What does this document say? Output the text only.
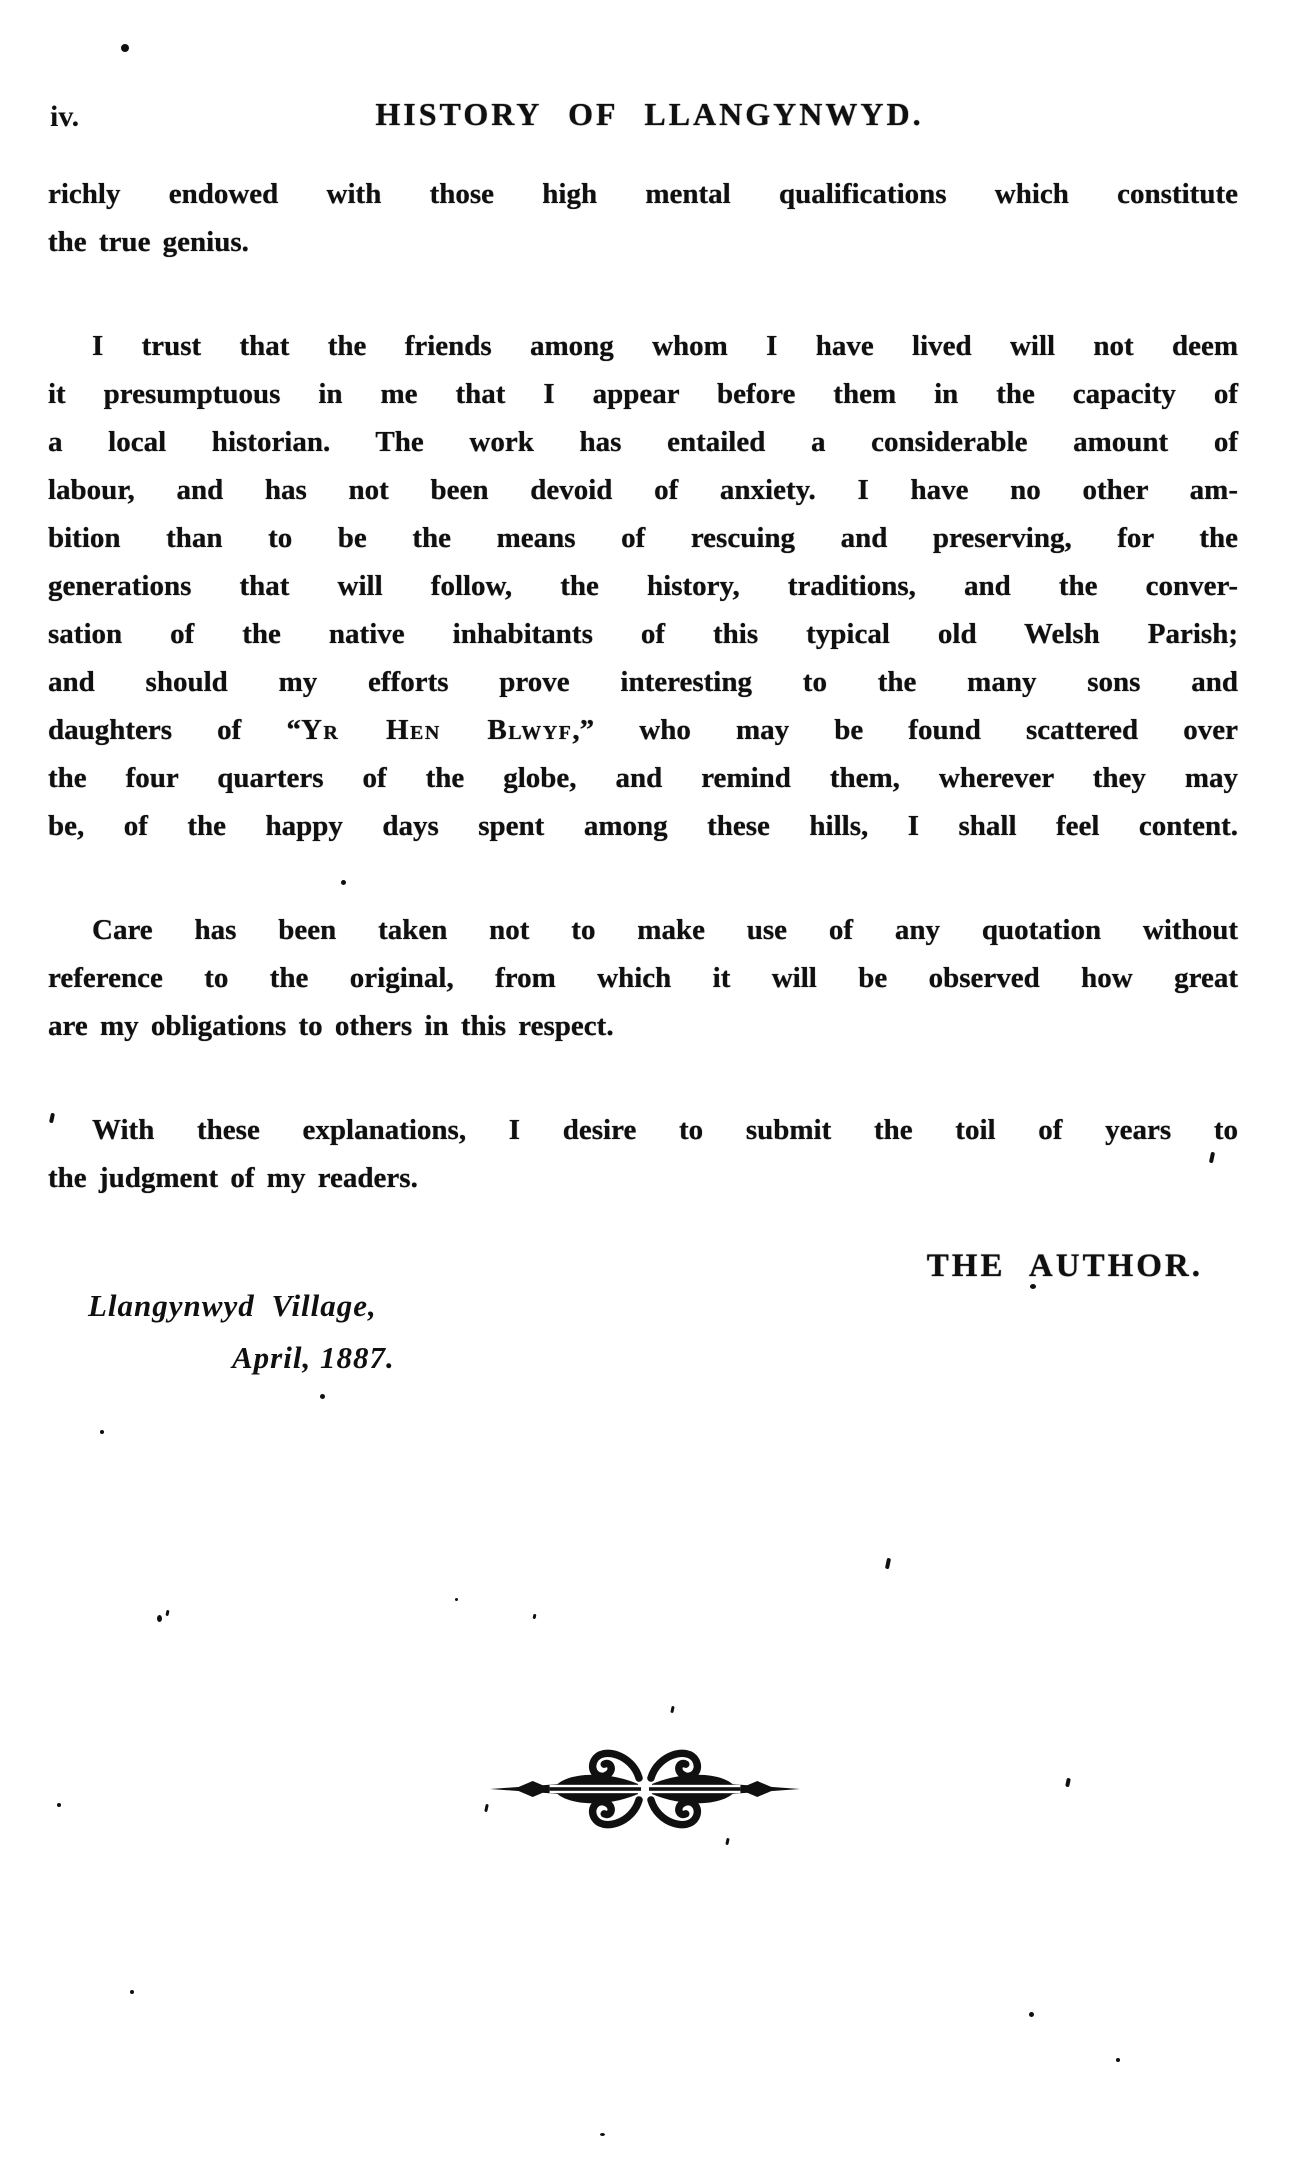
iv.	HISTORY OF LLANGYNWYD.
richly endowed with those high mental qualifications which constitute
the true genius.
I trust that the friends among whom I have lived will not deem
it presumptuous in me that I appear before them in the capacity of
a local historian. The work has entailed a considerable amount of
labour, and has not been devoid of anxiety. I have no other am-
bition than to be the means of rescuing and preserving, for the
generations that will follow, the history, traditions, and the conver-
sation of the native inhabitants of this typical old Welsh Parish;
and should my efforts prove interesting to the many sons and
daughters of “Yr Hen Blwyf,” who may be found scattered over
the four quarters of the globe, and remind them, wherever they may
be, of the happy days spent among these hills, I shall feel content.
Care has been taken not to make use of any quotation without
reference to the original, from which it will be observed how great
are my obligations to others in this respect.
With these explanations, I desire to submit the toil of years to
the judgment of my readers.
THE AUTHOR.
Llangynwyd Village,
April, 1887.
